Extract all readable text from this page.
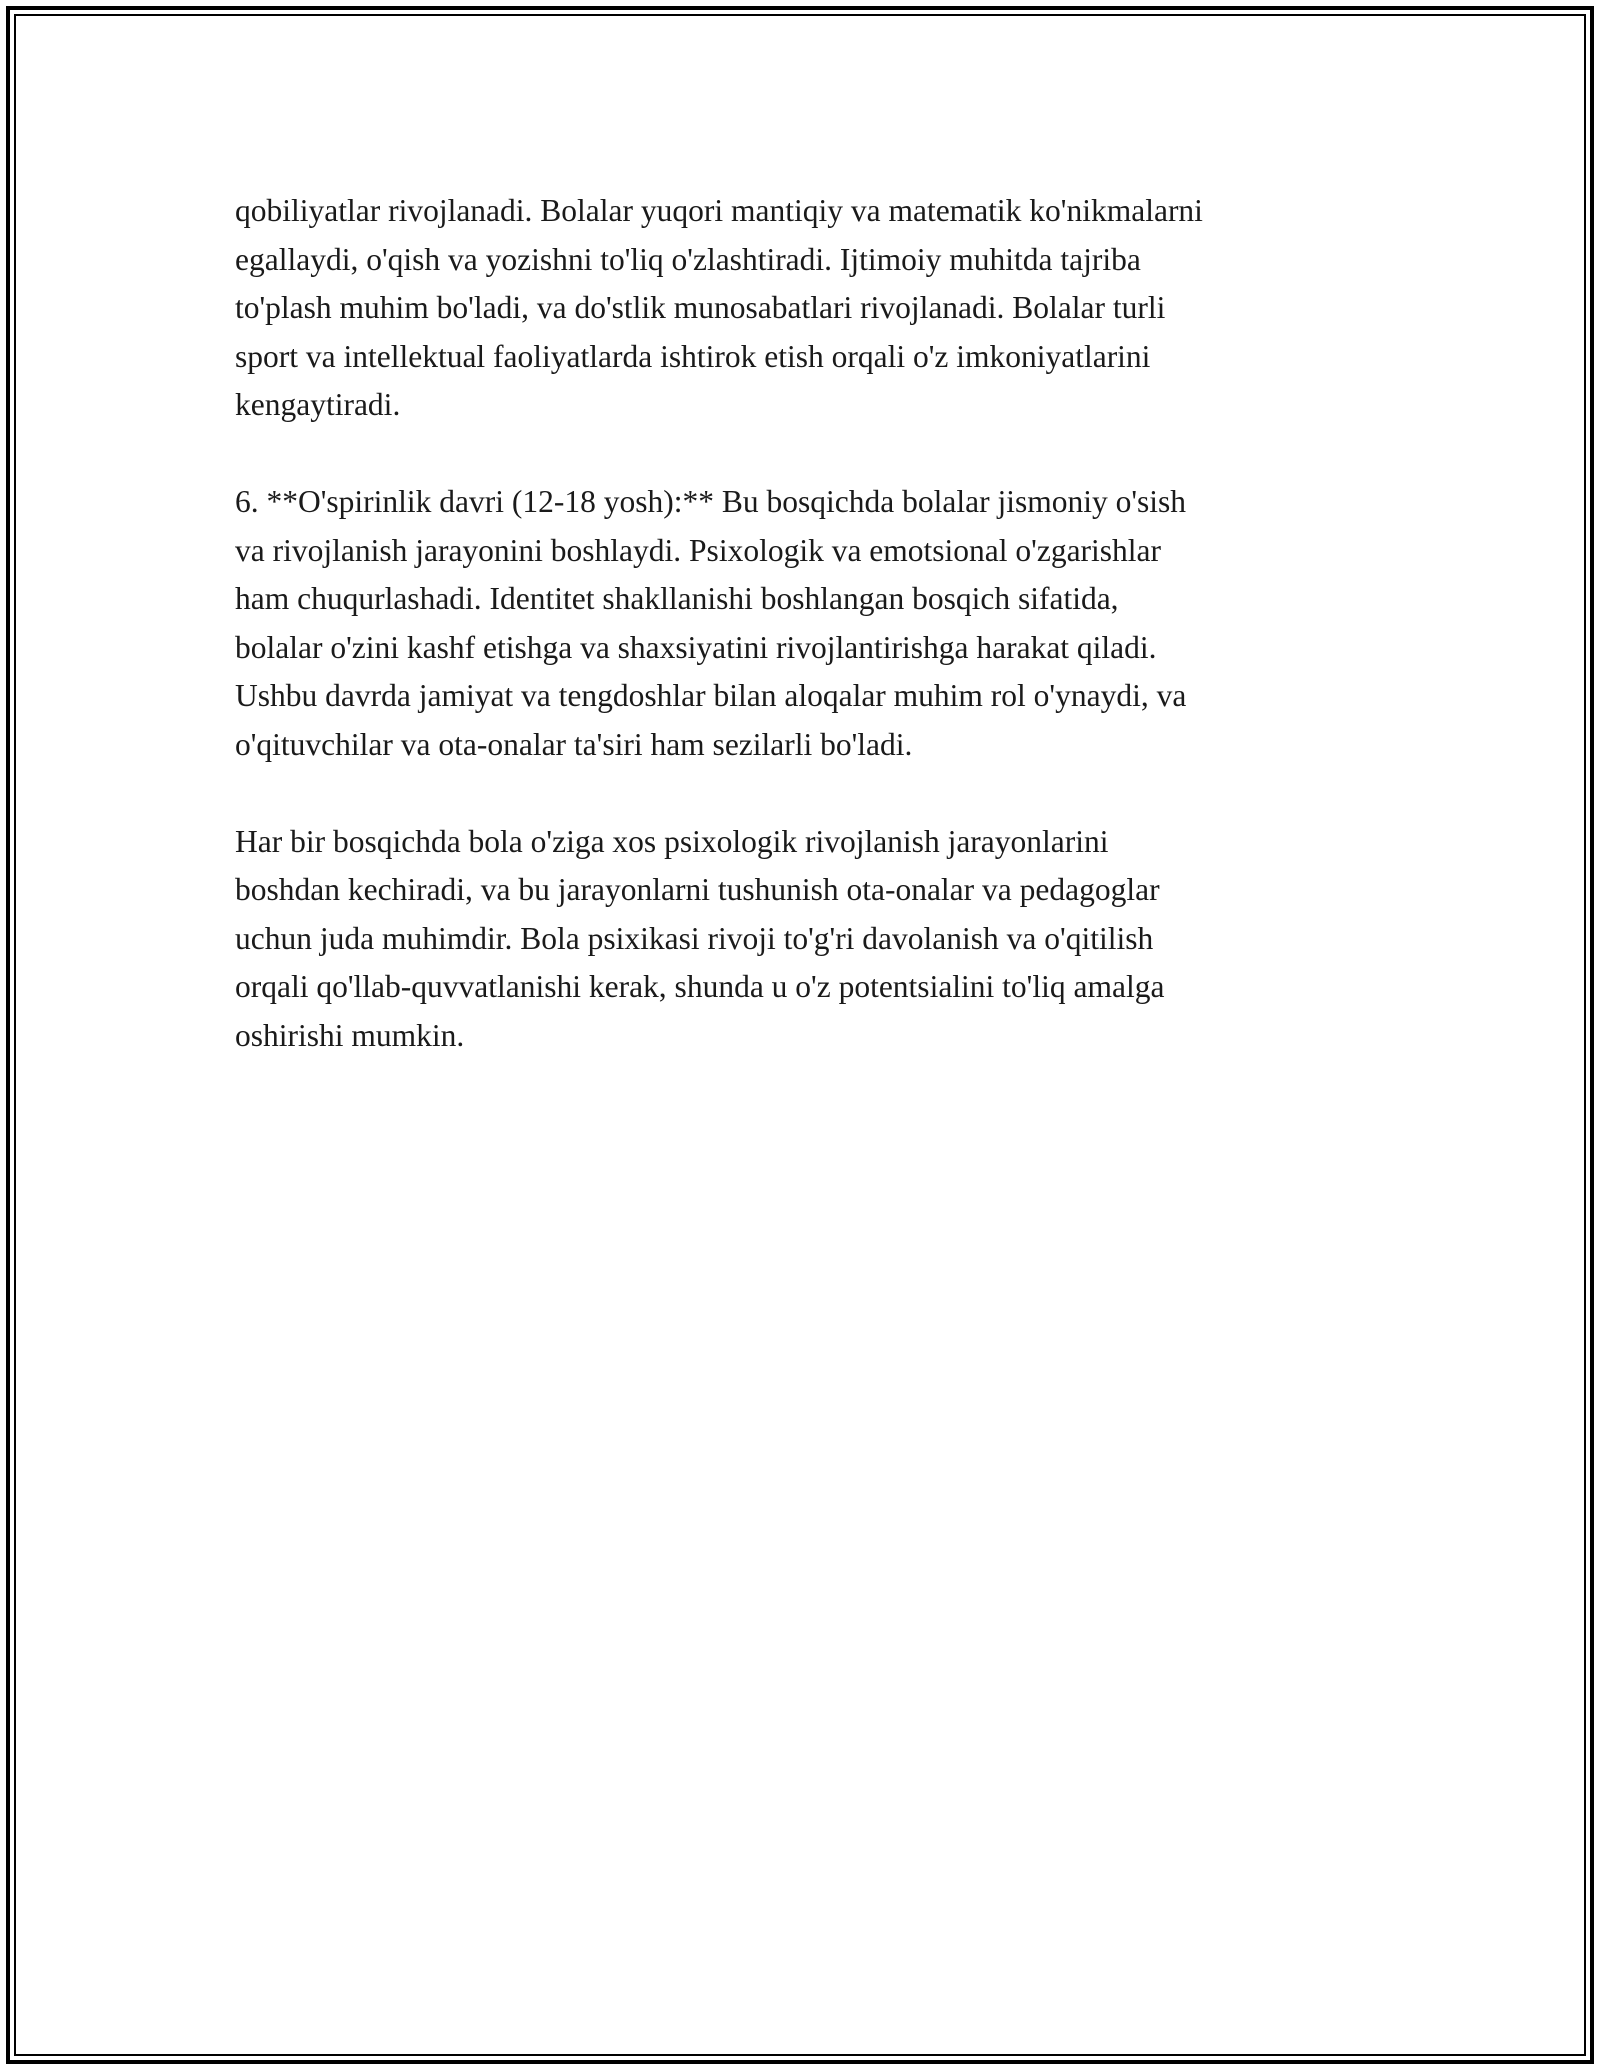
qobiliyatlar rivojlanadi. Bolalar yuqori mantiqiy va matematik ko'nikmalarni
egallaydi, o'qish va yozishni to'liq o'zlashtiradi. Ijtimoiy muhitda tajriba
to'plash muhim bo'ladi, va do'stlik munosabatlari rivojlanadi. Bolalar turli
sport va intellektual faoliyatlarda ishtirok etish orqali o'z imkoniyatlarini
kengaytiradi.

6. **O'spirinlik davri (12-18 yosh):** Bu bosqichda bolalar jismoniy o'sish
va rivojlanish jarayonini boshlaydi. Psixologik va emotsional o'zgarishlar
ham chuqurlashadi. Identitet shakllanishi boshlangan bosqich sifatida,
bolalar o'zini kashf etishga va shaxsiyatini rivojlantirishga harakat qiladi.
Ushbu davrda jamiyat va tengdoshlar bilan aloqalar muhim rol o'ynaydi, va
o'qituvchilar va ota-onalar ta'siri ham sezilarli bo'ladi.

Har bir bosqichda bola o'ziga xos psixologik rivojlanish jarayonlarini
boshdan kechiradi, va bu jarayonlarni tushunish ota-onalar va pedagoglar
uchun juda muhimdir. Bola psixikasi rivoji to'g'ri davolanish va o'qitilish
orqali qo'llab-quvvatlanishi kerak, shunda u o'z potentsialini to'liq amalga
oshirishi mumkin.
